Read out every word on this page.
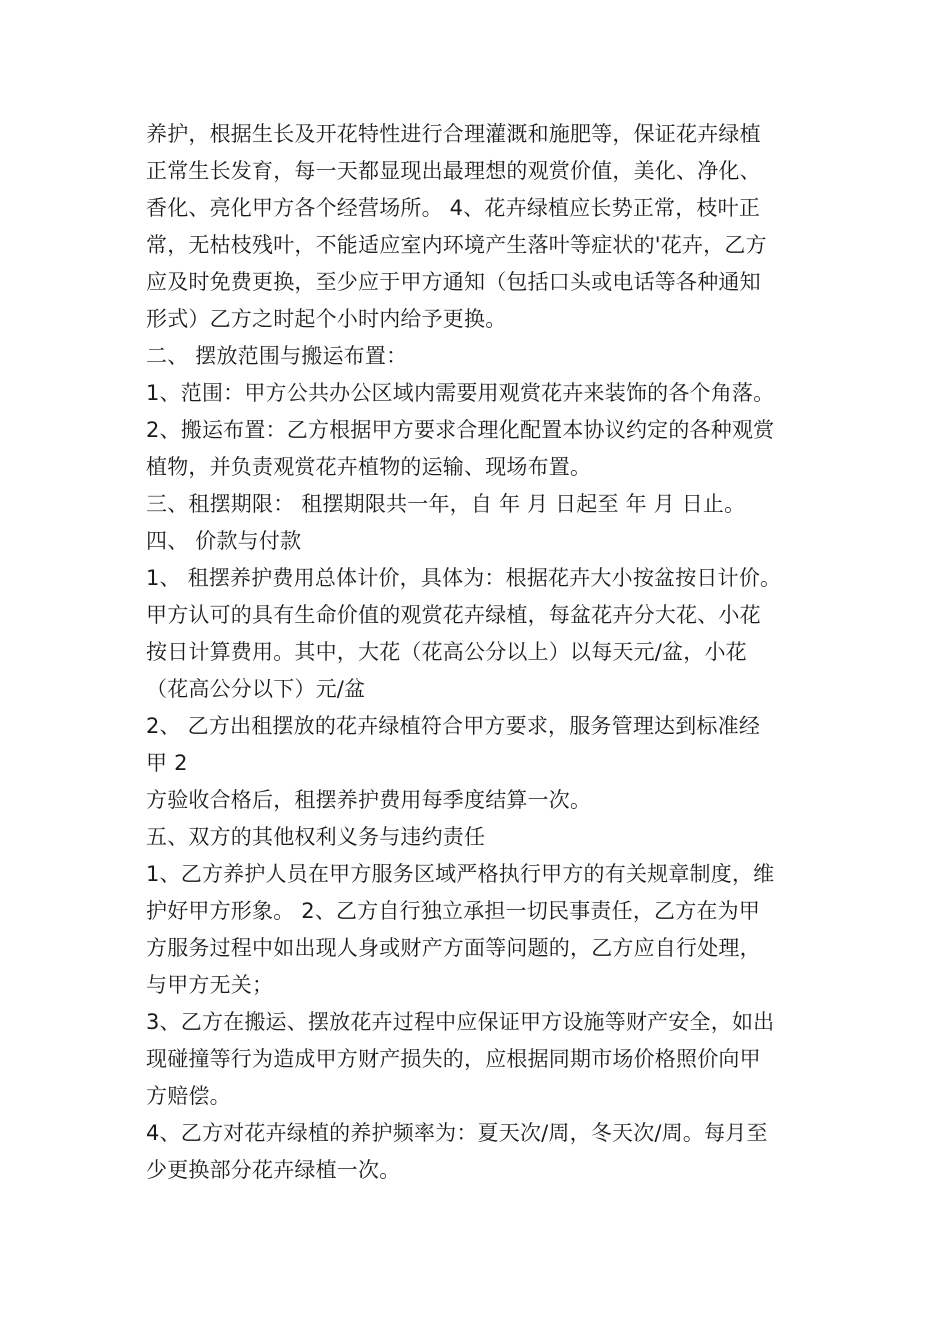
养护，根据生长及开花特性进行合理灌溉和施肥等，保证花卉绿植
正常生长发育，每一天都显现出最理想的观赏价值，美化、净化、
香化、亮化甲方各个经营场所。 4、花卉绿植应长势正常，枝叶正
常，无枯枝残叶，不能适应室内环境产生落叶等症状的'花卉，乙方
应及时免费更换，至少应于甲方通知（包括口头或电话等各种通知
形式）乙方之时起个小时内给予更换。
二、 摆放范围与搬运布置：
1、范围：甲方公共办公区域内需要用观赏花卉来装饰的各个角落。
2、搬运布置：乙方根据甲方要求合理化配置本协议约定的各种观赏
植物，并负责观赏花卉植物的运输、现场布置。
三、租摆期限： 租摆期限共一年，自 年 月 日起至 年 月 日止。
四、 价款与付款
1、 租摆养护费用总体计价，具体为：根据花卉大小按盆按日计价。
甲方认可的具有生命价值的观赏花卉绿植，每盆花卉分大花、小花
按日计算费用。其中，大花（花高公分以上）以每天元/盆，小花
（花高公分以下）元/盆
2、 乙方出租摆放的花卉绿植符合甲方要求，服务管理达到标准经
甲 2
方验收合格后，租摆养护费用每季度结算一次。
五、双方的其他权利义务与违约责任
1、乙方养护人员在甲方服务区域严格执行甲方的有关规章制度，维
护好甲方形象。 2、乙方自行独立承担一切民事责任，乙方在为甲
方服务过程中如出现人身或财产方面等问题的，乙方应自行处理，
与甲方无关；
3、乙方在搬运、摆放花卉过程中应保证甲方设施等财产安全，如出
现碰撞等行为造成甲方财产损失的，应根据同期市场价格照价向甲
方赔偿。
4、乙方对花卉绿植的养护频率为：夏天次/周，冬天次/周。每月至
少更换部分花卉绿植一次。
